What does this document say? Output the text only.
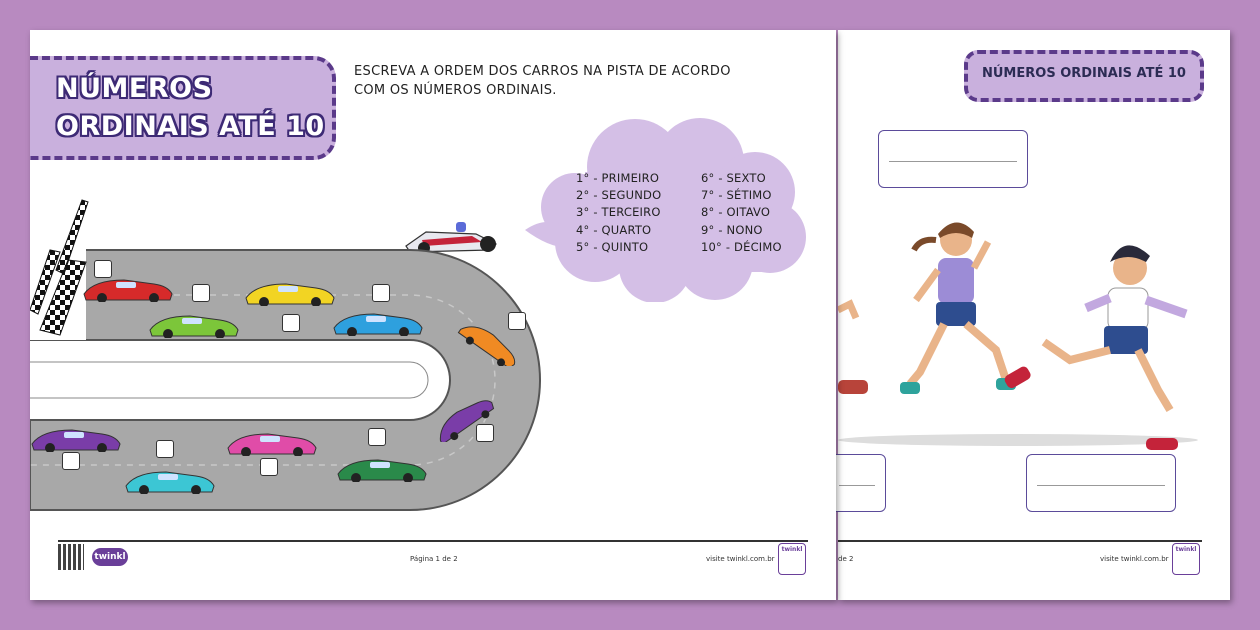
NÚMEROS ORDINAIS ATÉ 10
de 2	visite twinkl.com.br
twinkl
NÚMEROS
ORDINAIS ATÉ 10
ESCREVA A ORDEM DOS CARROS NA PISTA DE ACORDO
COM OS NÚMEROS ORDINAIS.
1° - PRIMEIRO
2° - SEGUNDO
3° - TERCEIRO
4° - QUARTO
5° - QUINTO
6° - SEXTO
7° - SÉTIMO
8° - OITAVO
9° - NONO
10° - DÉCIMO
twinkl	Página 1 de 2	visite twinkl.com.br
twinkl
